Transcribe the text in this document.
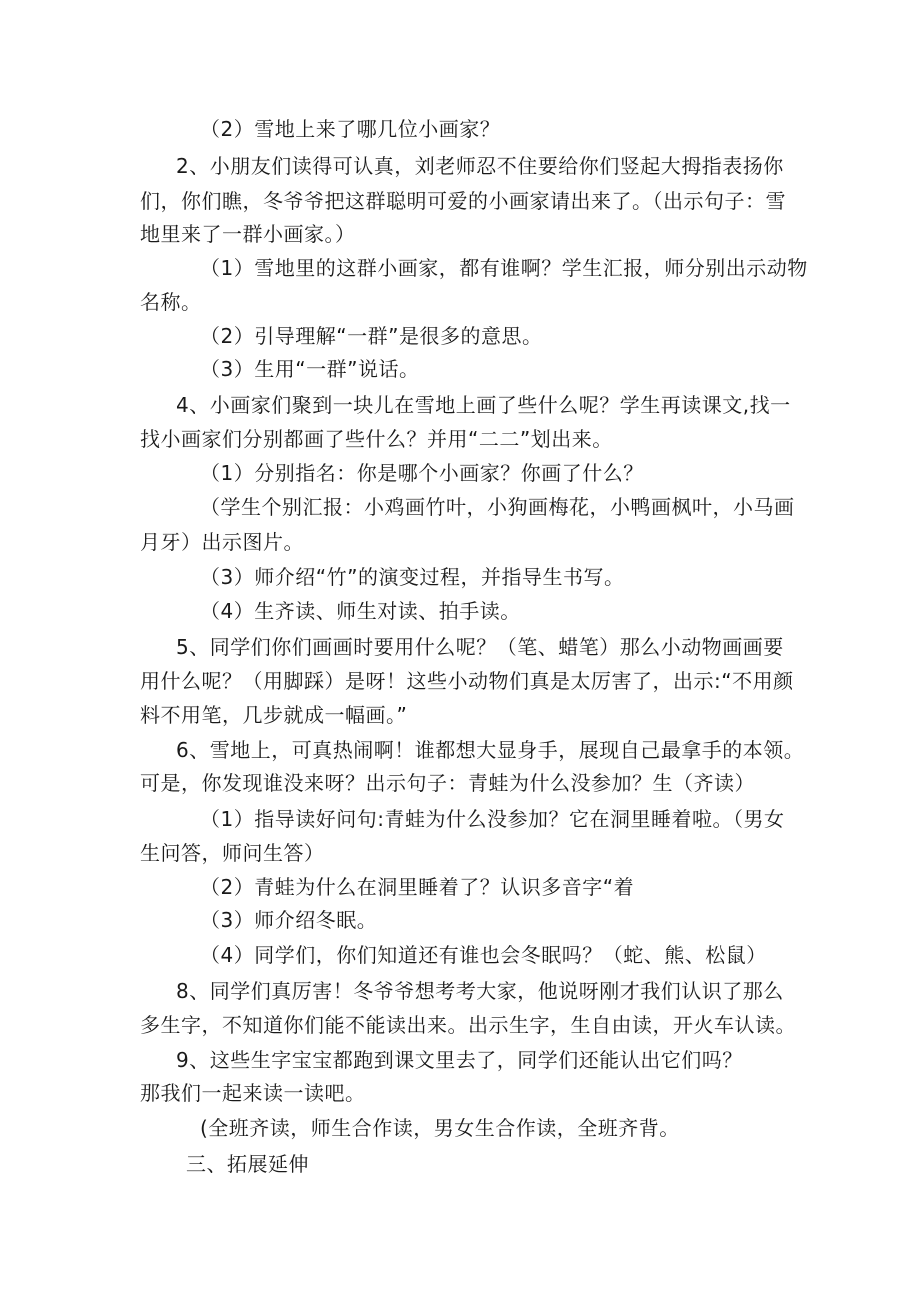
（2）雪地上来了哪几位小画家？
2、小朋友们读得可认真，刘老师忍不住要给你们竖起大拇指表扬你
们，你们瞧，冬爷爷把这群聪明可爱的小画家请出来了。（出示句子：雪
地里来了一群小画家。）
（1）雪地里的这群小画家，都有谁啊？学生汇报，师分别出示动物
名称。
（2）引导理解“一群”是很多的意思。
（3）生用“一群”说话。
4、小画家们聚到一块儿在雪地上画了些什么呢？学生再读课文,找一
找小画家们分别都画了些什么？并用“二二”划出来。
（1）分别指名：你是哪个小画家？你画了什么？
（学生个别汇报：小鸡画竹叶，小狗画梅花，小鸭画枫叶，小马画
月牙）出示图片。
（3）师介绍“竹”的演变过程，并指导生书写。
（4）生齐读、师生对读、拍手读。
5、同学们你们画画时要用什么呢？（笔、蜡笔）那么小动物画画要
用什么呢？（用脚踩）是呀！这些小动物们真是太厉害了，出示:“不用颜
料不用笔，几步就成一幅画。”
6、雪地上，可真热闹啊！谁都想大显身手，展现自己最拿手的本领。
可是，你发现谁没来呀？出示句子：青蛙为什么没参加？生（齐读）
（1）指导读好问句:青蛙为什么没参加？它在洞里睡着啦。（男女
生问答，师问生答）
（2）青蛙为什么在洞里睡着了？认识多音字“着
（3）师介绍冬眠。
（4）同学们，你们知道还有谁也会冬眠吗？（蛇、熊、松鼠）
8、同学们真厉害！冬爷爷想考考大家，他说呀刚才我们认识了那么
多生字，不知道你们能不能读出来。出示生字，生自由读，开火车认读。
9、这些生字宝宝都跑到课文里去了，同学们还能认出它们吗？
那我们一起来读一读吧。
(全班齐读，师生合作读，男女生合作读，全班齐背。
三、拓展延伸
